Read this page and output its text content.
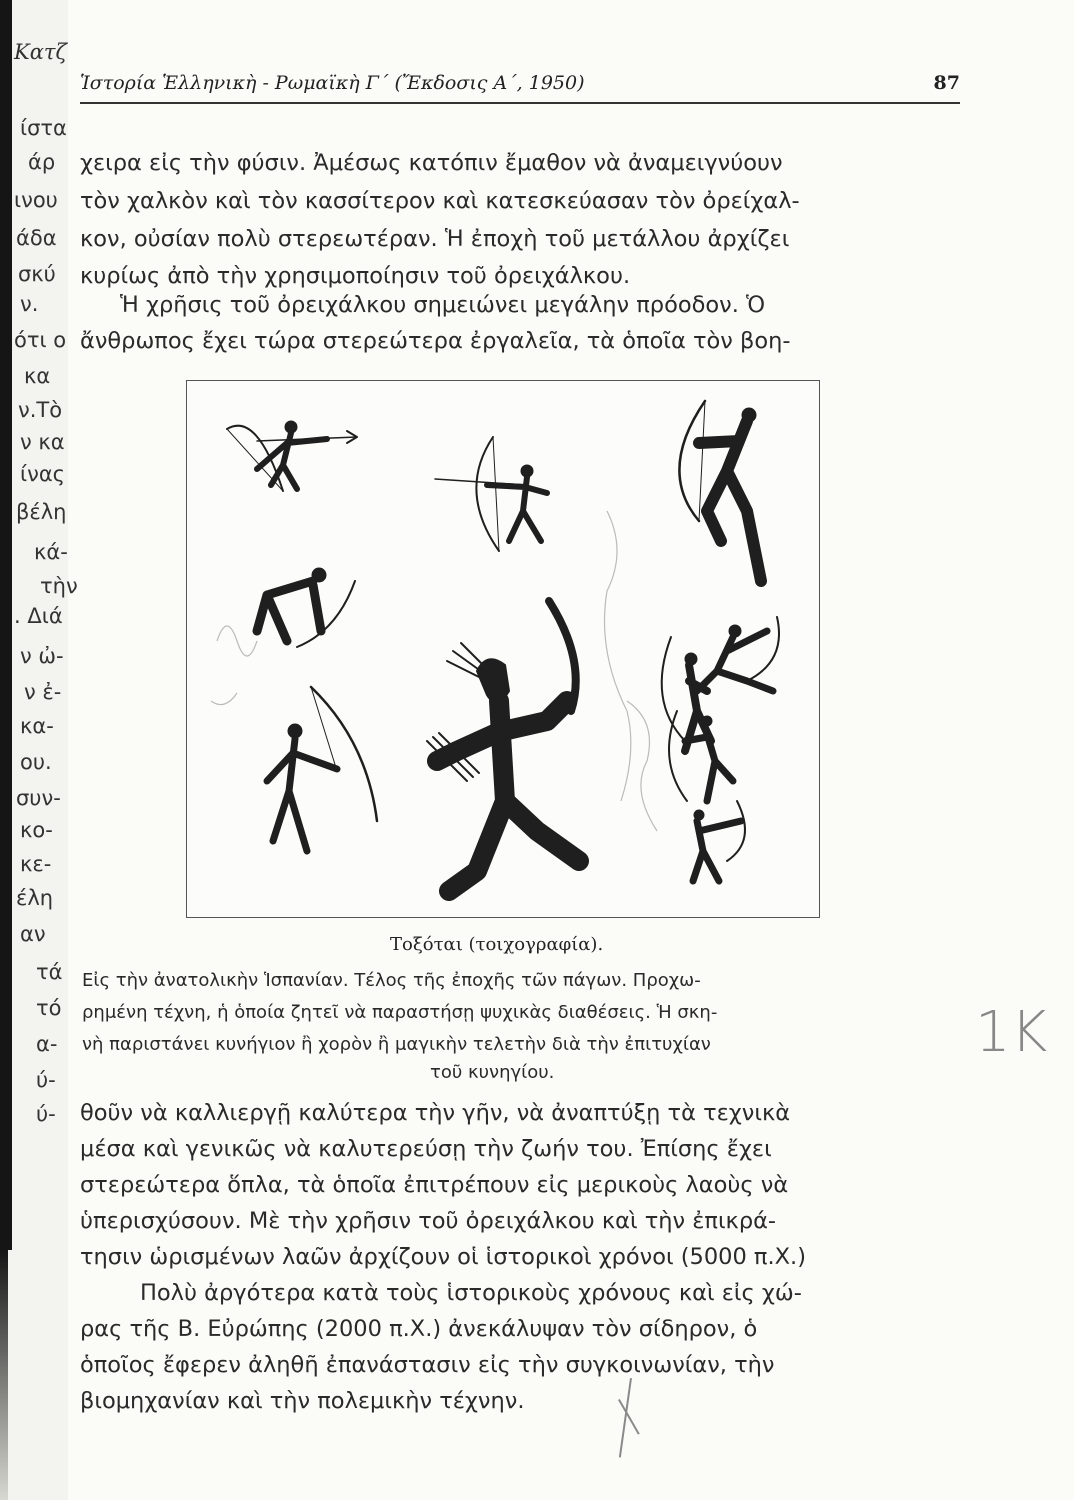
Κατζ
ίστα
άρ
ινου
άδα
σκύ
ν.
ότι ο
κα
ν.Τὸ
ν κα
ίνας
βέλη
κά-
τὴν
. Διά
ν ὠ-
ν ἐ-
κα-
ου.
συν-
κο-
κε-
έλη
αν
τά
τό
α-
ύ-
ύ-
Ἱστορία Ἑλληνικὴ - Ρωμαϊκὴ Γ΄ (Ἔκδοσις Α΄, 1950)	87
χειρα εἰς τὴν φύσιν. Ἀμέσως κατόπιν ἔμαθον νὰ ἀναμειγνύουν
τὸν χαλκὸν καὶ τὸν κασσίτερον καὶ κατεσκεύασαν τὸν ὀρείχαλ-
κον, οὐσίαν πολὺ στερεωτέραν. Ἡ ἐποχὴ τοῦ μετάλλου ἀρχίζει
κυρίως ἀπὸ τὴν χρησιμοποίησιν τοῦ ὀρειχάλκου.
Ἡ χρῆσις τοῦ ὀρειχάλκου σημειώνει μεγάλην πρόοδον. Ὁ
ἄνθρωπος ἔχει τώρα στερεώτερα ἐργαλεῖα, τὰ ὁποῖα τὸν βοη-
Τοξόται (τοιχογραφία).
Εἰς τὴν ἀνατολικὴν Ἱσπανίαν. Τέλος τῆς ἐποχῆς τῶν πάγων. Προχω-
ρημένη τέχνη, ἡ ὁποία ζητεῖ νὰ παραστήσῃ ψυχικὰς διαθέσεις. Ἡ σκη-
νὴ παριστάνει κυνήγιον ἢ χορὸν ἢ μαγικὴν τελετὴν διὰ τὴν ἐπιτυχίαν
τοῦ κυνηγίου.
θοῦν νὰ καλλιεργῇ καλύτερα τὴν γῆν, νὰ ἀναπτύξῃ τὰ τεχνικὰ
μέσα καὶ γενικῶς νὰ καλυτερεύσῃ τὴν ζωήν του. Ἐπίσης ἔχει
στερεώτερα ὅπλα, τὰ ὁποῖα ἐπιτρέπουν εἰς μερικοὺς λαοὺς νὰ
ὑπερισχύσουν. Μὲ τὴν χρῆσιν τοῦ ὀρειχάλκου καὶ τὴν ἐπικρά-
τησιν ὡρισμένων λαῶν ἀρχίζουν οἱ ἱστορικοὶ χρόνοι (5000 π.Χ.)
Πολὺ ἀργότερα κατὰ τοὺς ἱστορικοὺς χρόνους καὶ εἰς χώ-
ρας τῆς Β. Εὐρώπης (2000 π.Χ.) ἀνεκάλυψαν τὸν σίδηρον, ὁ
ὁποῖος ἔφερεν ἀληθῆ ἐπανάστασιν εἰς τὴν συγκοινωνίαν, τὴν
βιομηχανίαν καὶ τὴν πολεμικὴν τέχνην.
1K
